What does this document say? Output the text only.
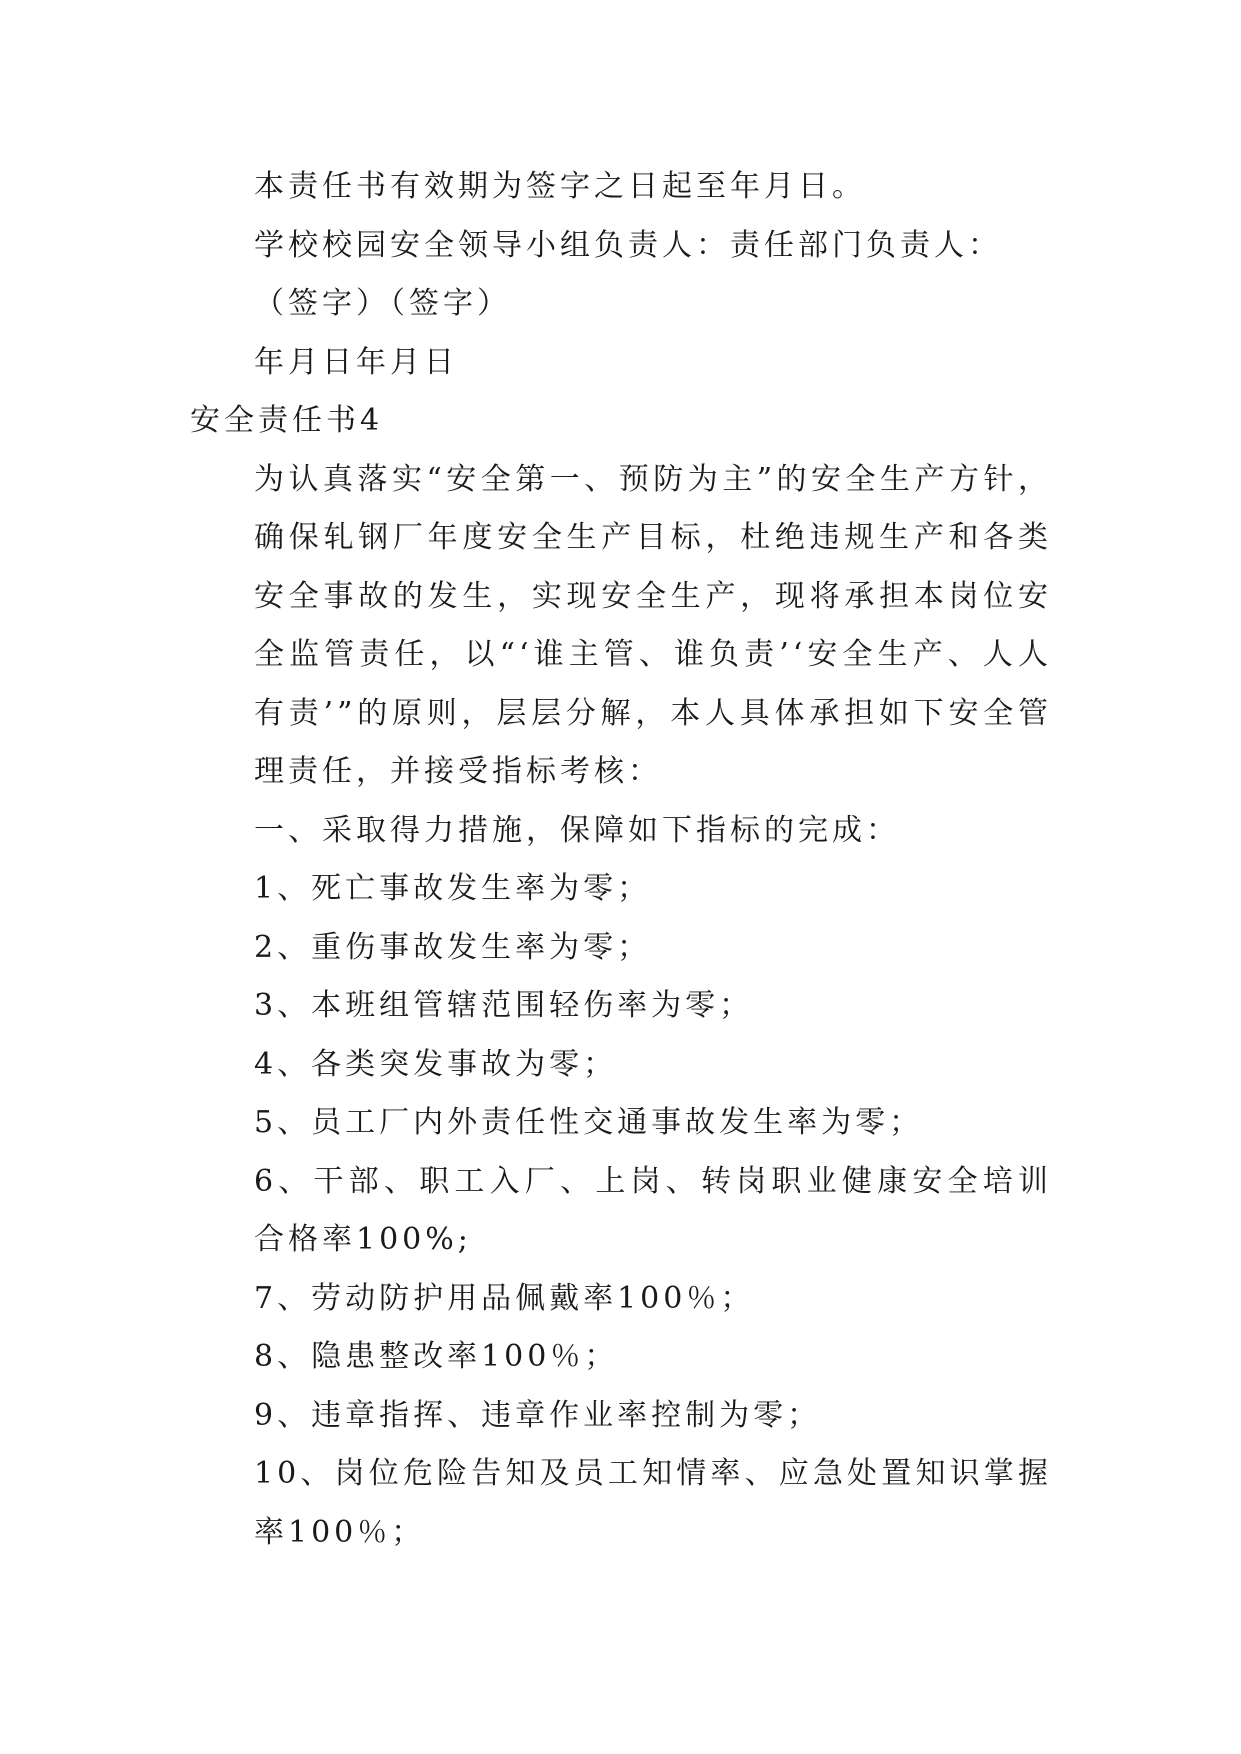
本责任书有效期为签字之日起至年月日。

学校校园安全领导小组负责人：责任部门负责人：

（签字）（签字）

年月日年月日

安全责任书4

为认真落实“安全第一、预防为主”的安全生产方针，确保轧钢厂年度安全生产目标，杜绝违规生产和各类安全事故的发生，实现安全生产，现将承担本岗位安全监管责任，以“‘谁主管、谁负责’‘安全生产、人人有责’”的原则，层层分解，本人具体承担如下安全管理责任，并接受指标考核：

一、采取得力措施，保障如下指标的完成：

1、死亡事故发生率为零；

2、重伤事故发生率为零；

3、本班组管辖范围轻伤率为零；

4、各类突发事故为零；

5、员工厂内外责任性交通事故发生率为零；

6、干部、职工入厂、上岗、转岗职业健康安全培训合格率100%;

7、劳动防护用品佩戴率100％；

8、隐患整改率100％；

9、违章指挥、违章作业率控制为零；

10、岗位危险告知及员工知情率、应急处置知识掌握率100％；
